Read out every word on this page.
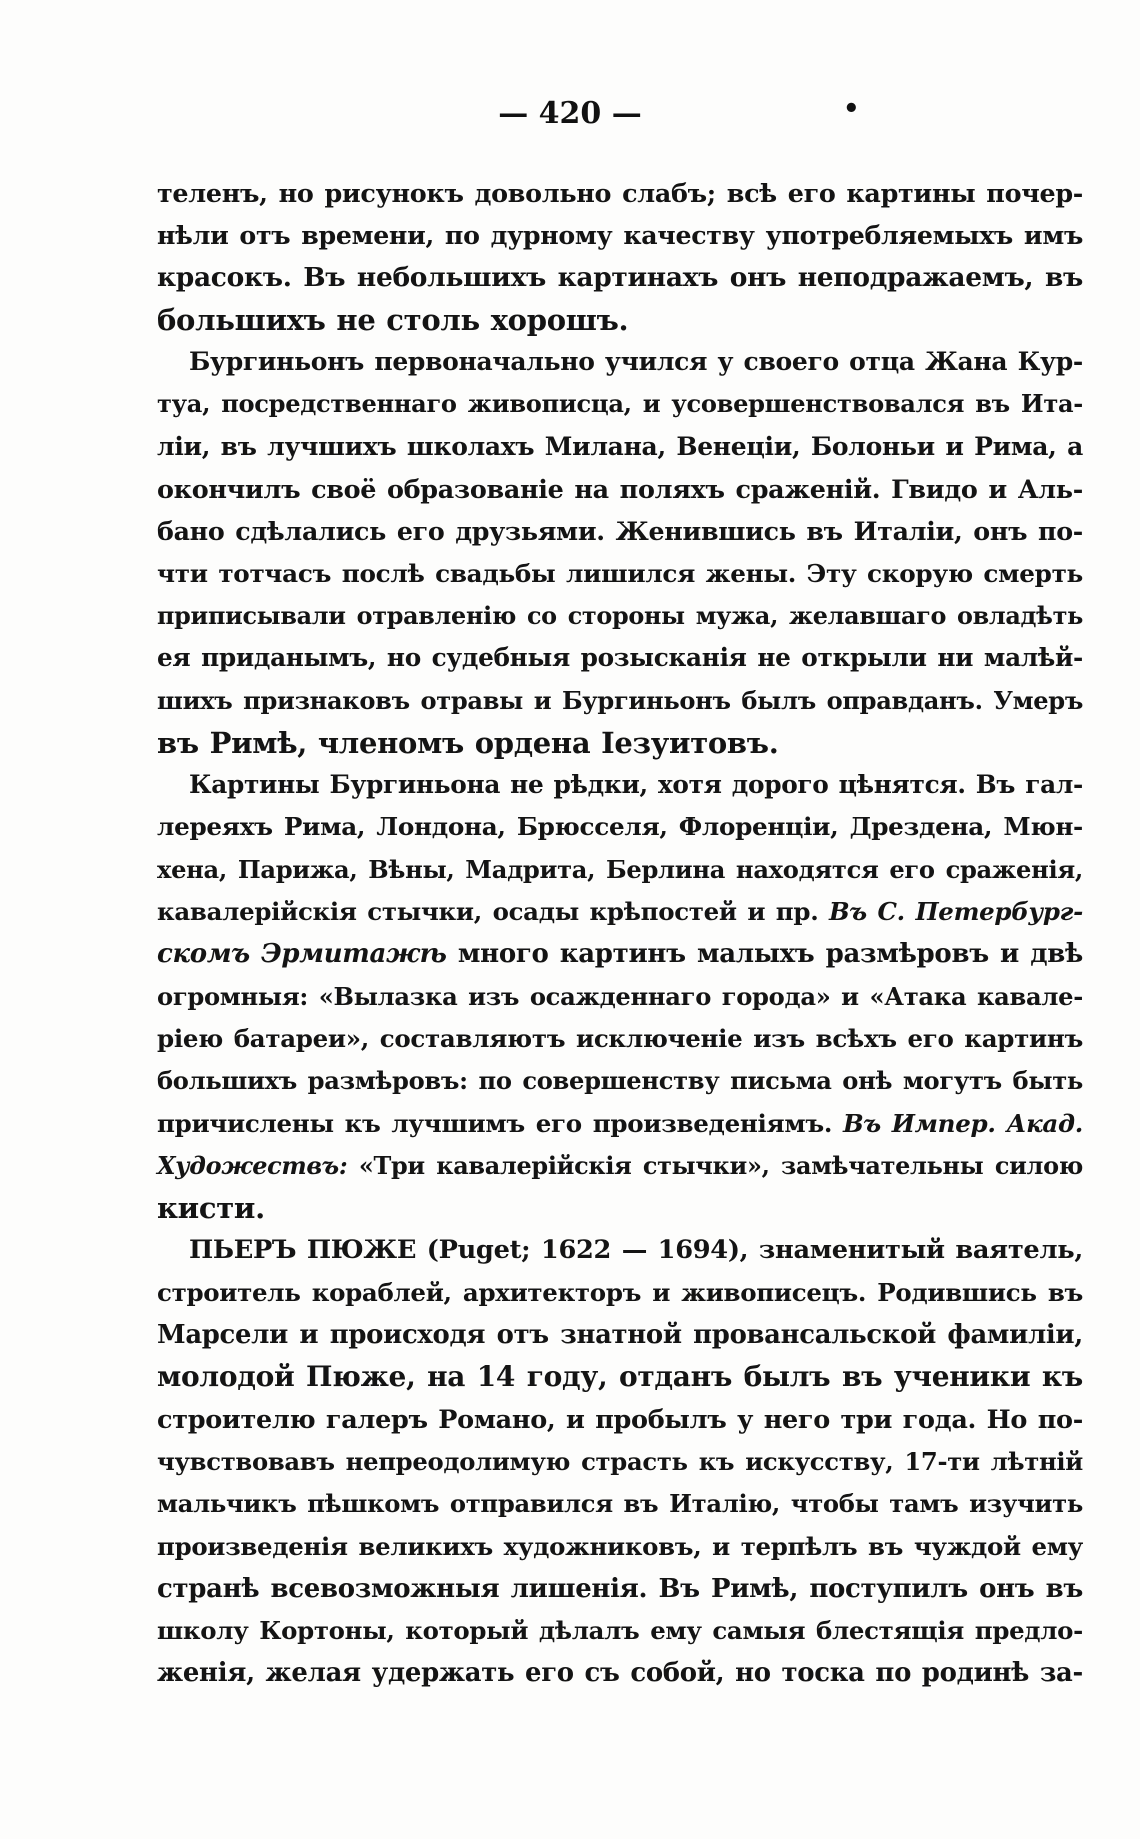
— 420 —	•
теленъ, но рисунокъ довольно слабъ; всѣ его картины почер-
нѣли отъ времени, по дурному качеству употребляемыхъ имъ
красокъ. Въ небольшихъ картинахъ онъ неподражаемъ, въ
большихъ не столь хорошъ.
Бургиньонъ первоначально учился у своего отца Жана Кур-
туа, посредственнаго живописца, и усовершенствовался въ Ита-
ліи, въ лучшихъ школахъ Милана, Венеціи, Болоньи и Рима, а
окончилъ своё образованіе на поляхъ сраженій. Гвидо и Аль-
бано сдѣлались его друзьями. Женившись въ Италіи, онъ по-
чти тотчасъ послѣ свадьбы лишился жены. Эту скорую смерть
приписывали отравленію со стороны мужа, желавшаго овладѣть
ея приданымъ, но судебныя розысканія не открыли ни малѣй-
шихъ признаковъ отравы и Бургиньонъ былъ оправданъ. Умеръ
въ Римѣ, членомъ ордена Іезуитовъ.
Картины Бургиньона не рѣдки, хотя дорого цѣнятся. Въ гал-
лереяхъ Рима, Лондона, Брюсселя, Флоренціи, Дрездена, Мюн-
хена, Парижа, Вѣны, Мадрита, Берлина находятся его сраженія,
кавалерійскія стычки, осады крѣпостей и пр. Въ С. Петербург-
скомъ Эрмитажѣ много картинъ малыхъ размѣровъ и двѣ
огромныя: «Вылазка изъ осажденнаго города» и «Атака кавале-
ріею батареи», составляютъ исключеніе изъ всѣхъ его картинъ
большихъ размѣровъ: по совершенству письма онѣ могутъ быть
причислены къ лучшимъ его произведеніямъ. Въ Импер. Акад.
Художествъ: «Три кавалерійскія стычки», замѣчательны силою
кисти.
ПЬЕРЪ ПЮЖЕ (Puget; 1622 — 1694), знаменитый ваятель,
строитель кораблей, архитекторъ и живописецъ. Родившись въ
Марсели и происходя отъ знатной провансальской фамиліи,
молодой Пюже, на 14 году, отданъ былъ въ ученики къ
строителю галеръ Романо, и пробылъ у него три года. Но по-
чувствовавъ непреодолимую страсть къ искусству, 17-ти лѣтній
мальчикъ пѣшкомъ отправился въ Италію, чтобы тамъ изучить
произведенія великихъ художниковъ, и терпѣлъ въ чуждой ему
странѣ всевозможныя лишенія. Въ Римѣ, поступилъ онъ въ
школу Кортоны, который дѣлалъ ему самыя блестящія предло-
женія, желая удержать его съ собой, но тоска по родинѣ за-
